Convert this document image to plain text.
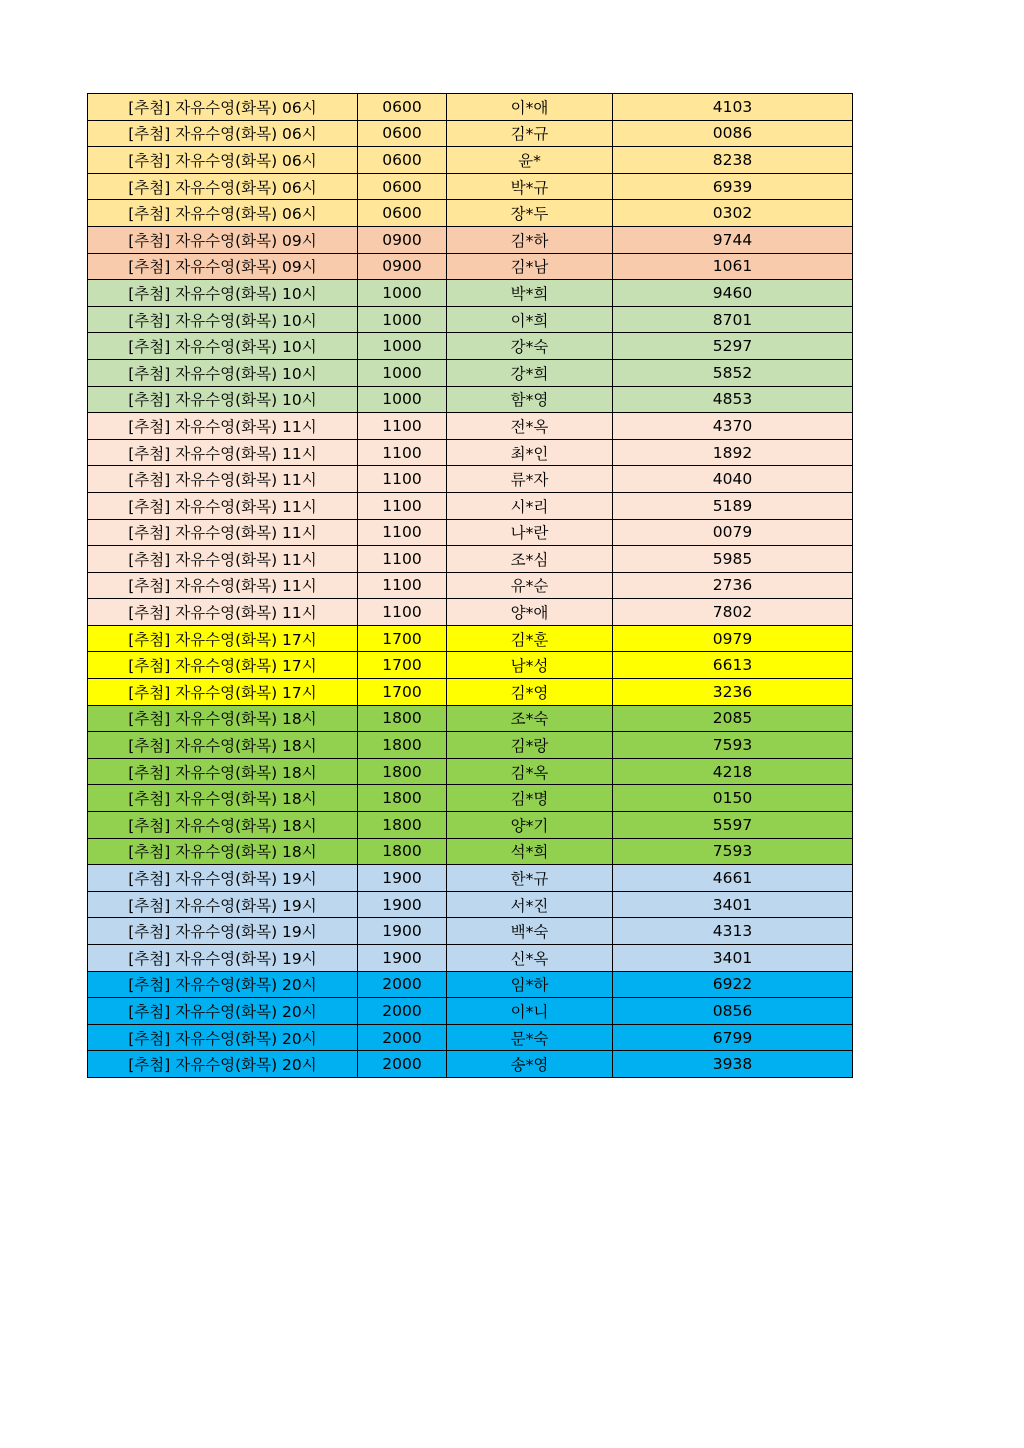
[추첨] 자유수영(화목) 06시	0600	이*애	4103
[추첨] 자유수영(화목) 06시	0600	김*규	0086
[추첨] 자유수영(화목) 06시	0600	윤*	8238
[추첨] 자유수영(화목) 06시	0600	박*규	6939
[추첨] 자유수영(화목) 06시	0600	장*두	0302
[추첨] 자유수영(화목) 09시	0900	김*하	9744
[추첨] 자유수영(화목) 09시	0900	김*남	1061
[추첨] 자유수영(화목) 10시	1000	박*희	9460
[추첨] 자유수영(화목) 10시	1000	이*희	8701
[추첨] 자유수영(화목) 10시	1000	강*숙	5297
[추첨] 자유수영(화목) 10시	1000	강*희	5852
[추첨] 자유수영(화목) 10시	1000	함*영	4853
[추첨] 자유수영(화목) 11시	1100	전*옥	4370
[추첨] 자유수영(화목) 11시	1100	최*인	1892
[추첨] 자유수영(화목) 11시	1100	류*자	4040
[추첨] 자유수영(화목) 11시	1100	시*리	5189
[추첨] 자유수영(화목) 11시	1100	나*란	0079
[추첨] 자유수영(화목) 11시	1100	조*심	5985
[추첨] 자유수영(화목) 11시	1100	유*순	2736
[추첨] 자유수영(화목) 11시	1100	양*애	7802
[추첨] 자유수영(화목) 17시	1700	김*훈	0979
[추첨] 자유수영(화목) 17시	1700	남*성	6613
[추첨] 자유수영(화목) 17시	1700	김*영	3236
[추첨] 자유수영(화목) 18시	1800	조*숙	2085
[추첨] 자유수영(화목) 18시	1800	김*랑	7593
[추첨] 자유수영(화목) 18시	1800	김*옥	4218
[추첨] 자유수영(화목) 18시	1800	김*명	0150
[추첨] 자유수영(화목) 18시	1800	양*기	5597
[추첨] 자유수영(화목) 18시	1800	석*희	7593
[추첨] 자유수영(화목) 19시	1900	한*규	4661
[추첨] 자유수영(화목) 19시	1900	서*진	3401
[추첨] 자유수영(화목) 19시	1900	백*숙	4313
[추첨] 자유수영(화목) 19시	1900	신*옥	3401
[추첨] 자유수영(화목) 20시	2000	임*하	6922
[추첨] 자유수영(화목) 20시	2000	이*니	0856
[추첨] 자유수영(화목) 20시	2000	문*숙	6799
[추첨] 자유수영(화목) 20시	2000	송*영	3938
